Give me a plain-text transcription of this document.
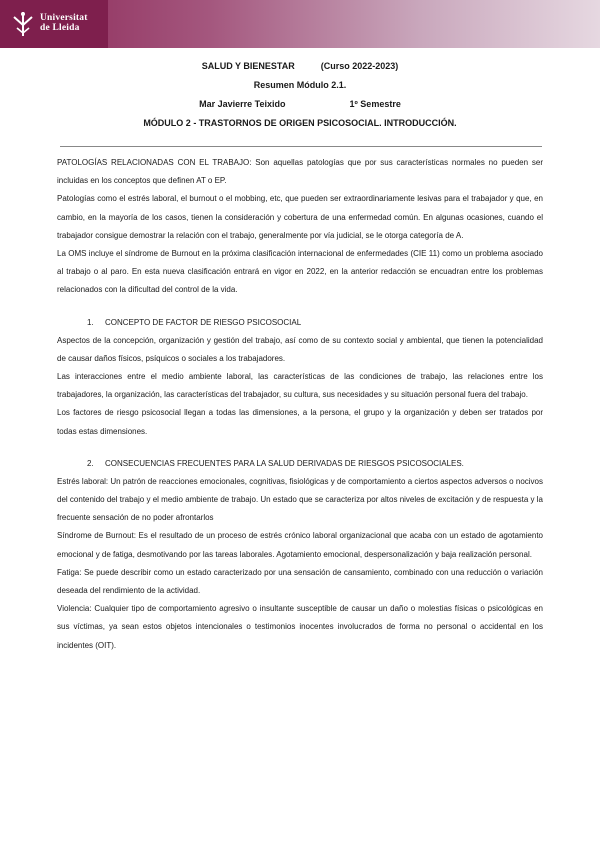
Universitat
de Lleida
SALUD Y BIENESTAR	(Curso 2022-2023)
Resumen Módulo 2.1.
Mar Javierre Teixido	1º Semestre
MÓDULO 2 - TRASTORNOS DE ORIGEN PSICOSOCIAL. INTRODUCCIÓN.

PATOLOGÍAS RELACIONADAS CON EL TRABAJO: Son aquellas patologías que por sus características normales no pueden ser incluidas en los conceptos que definen AT o EP.

Patologías como el estrés laboral, el burnout o el mobbing, etc, que pueden ser extraordinariamente lesivas para el trabajador y que, en cambio, en la mayoría de los casos, tienen la consideración y cobertura de una enfermedad común. En algunas ocasiones, cuando el trabajador consigue demostrar la relación con el trabajo, generalmente por vía judicial, se le otorga categoría de A.

La OMS incluye el síndrome de Burnout en la próxima clasificación internacional de enfermedades (CIE 11) como un problema asociado al trabajo o al paro. En esta nueva clasificación entrará en vigor en 2022, en la anterior redacción se encuadran entre los problemas relacionados con la dificultad del control de la vida.

1. CONCEPTO DE FACTOR DE RIESGO PSICOSOCIAL

Aspectos de la concepción, organización y gestión del trabajo, así como de su contexto social y ambiental, que tienen la potencialidad de causar daños físicos, psíquicos o sociales a los trabajadores.

Las interacciones entre el medio ambiente laboral, las características de las condiciones de trabajo, las relaciones entre los trabajadores, la organización, las características del trabajador, su cultura, sus necesidades y su situación personal fuera del trabajo.

Los factores de riesgo psicosocial llegan a todas las dimensiones, a la persona, el grupo y la organización y deben ser tratados por todas estas dimensiones.

2. CONSECUENCIAS FRECUENTES PARA LA SALUD DERIVADAS DE RIESGOS PSICOSOCIALES.

Estrés laboral: Un patrón de reacciones emocionales, cognitivas, fisiológicas y de comportamiento a ciertos aspectos adversos o nocivos del contenido del trabajo y el medio ambiente de trabajo. Un estado que se caracteriza por altos niveles de excitación y de respuesta y la frecuente sensación de no poder afrontarlos

Síndrome de Burnout: Es el resultado de un proceso de estrés crónico laboral organizacional que acaba con un estado de agotamiento emocional y de fatiga, desmotivando por las tareas laborales. Agotamiento emocional, despersonalización y baja realización personal.

Fatiga: Se puede describir como un estado caracterizado por una sensación de cansamiento, combinado con una reducción o variación deseada del rendimiento de la actividad.

Violencia: Cualquier tipo de comportamiento agresivo o insultante susceptible de causar un daño o molestias físicas o psicológicas en sus víctimas, ya sean estos objetos intencionales o testimonios inocentes involucrados de forma no personal o accidental en los incidentes (OIT).
